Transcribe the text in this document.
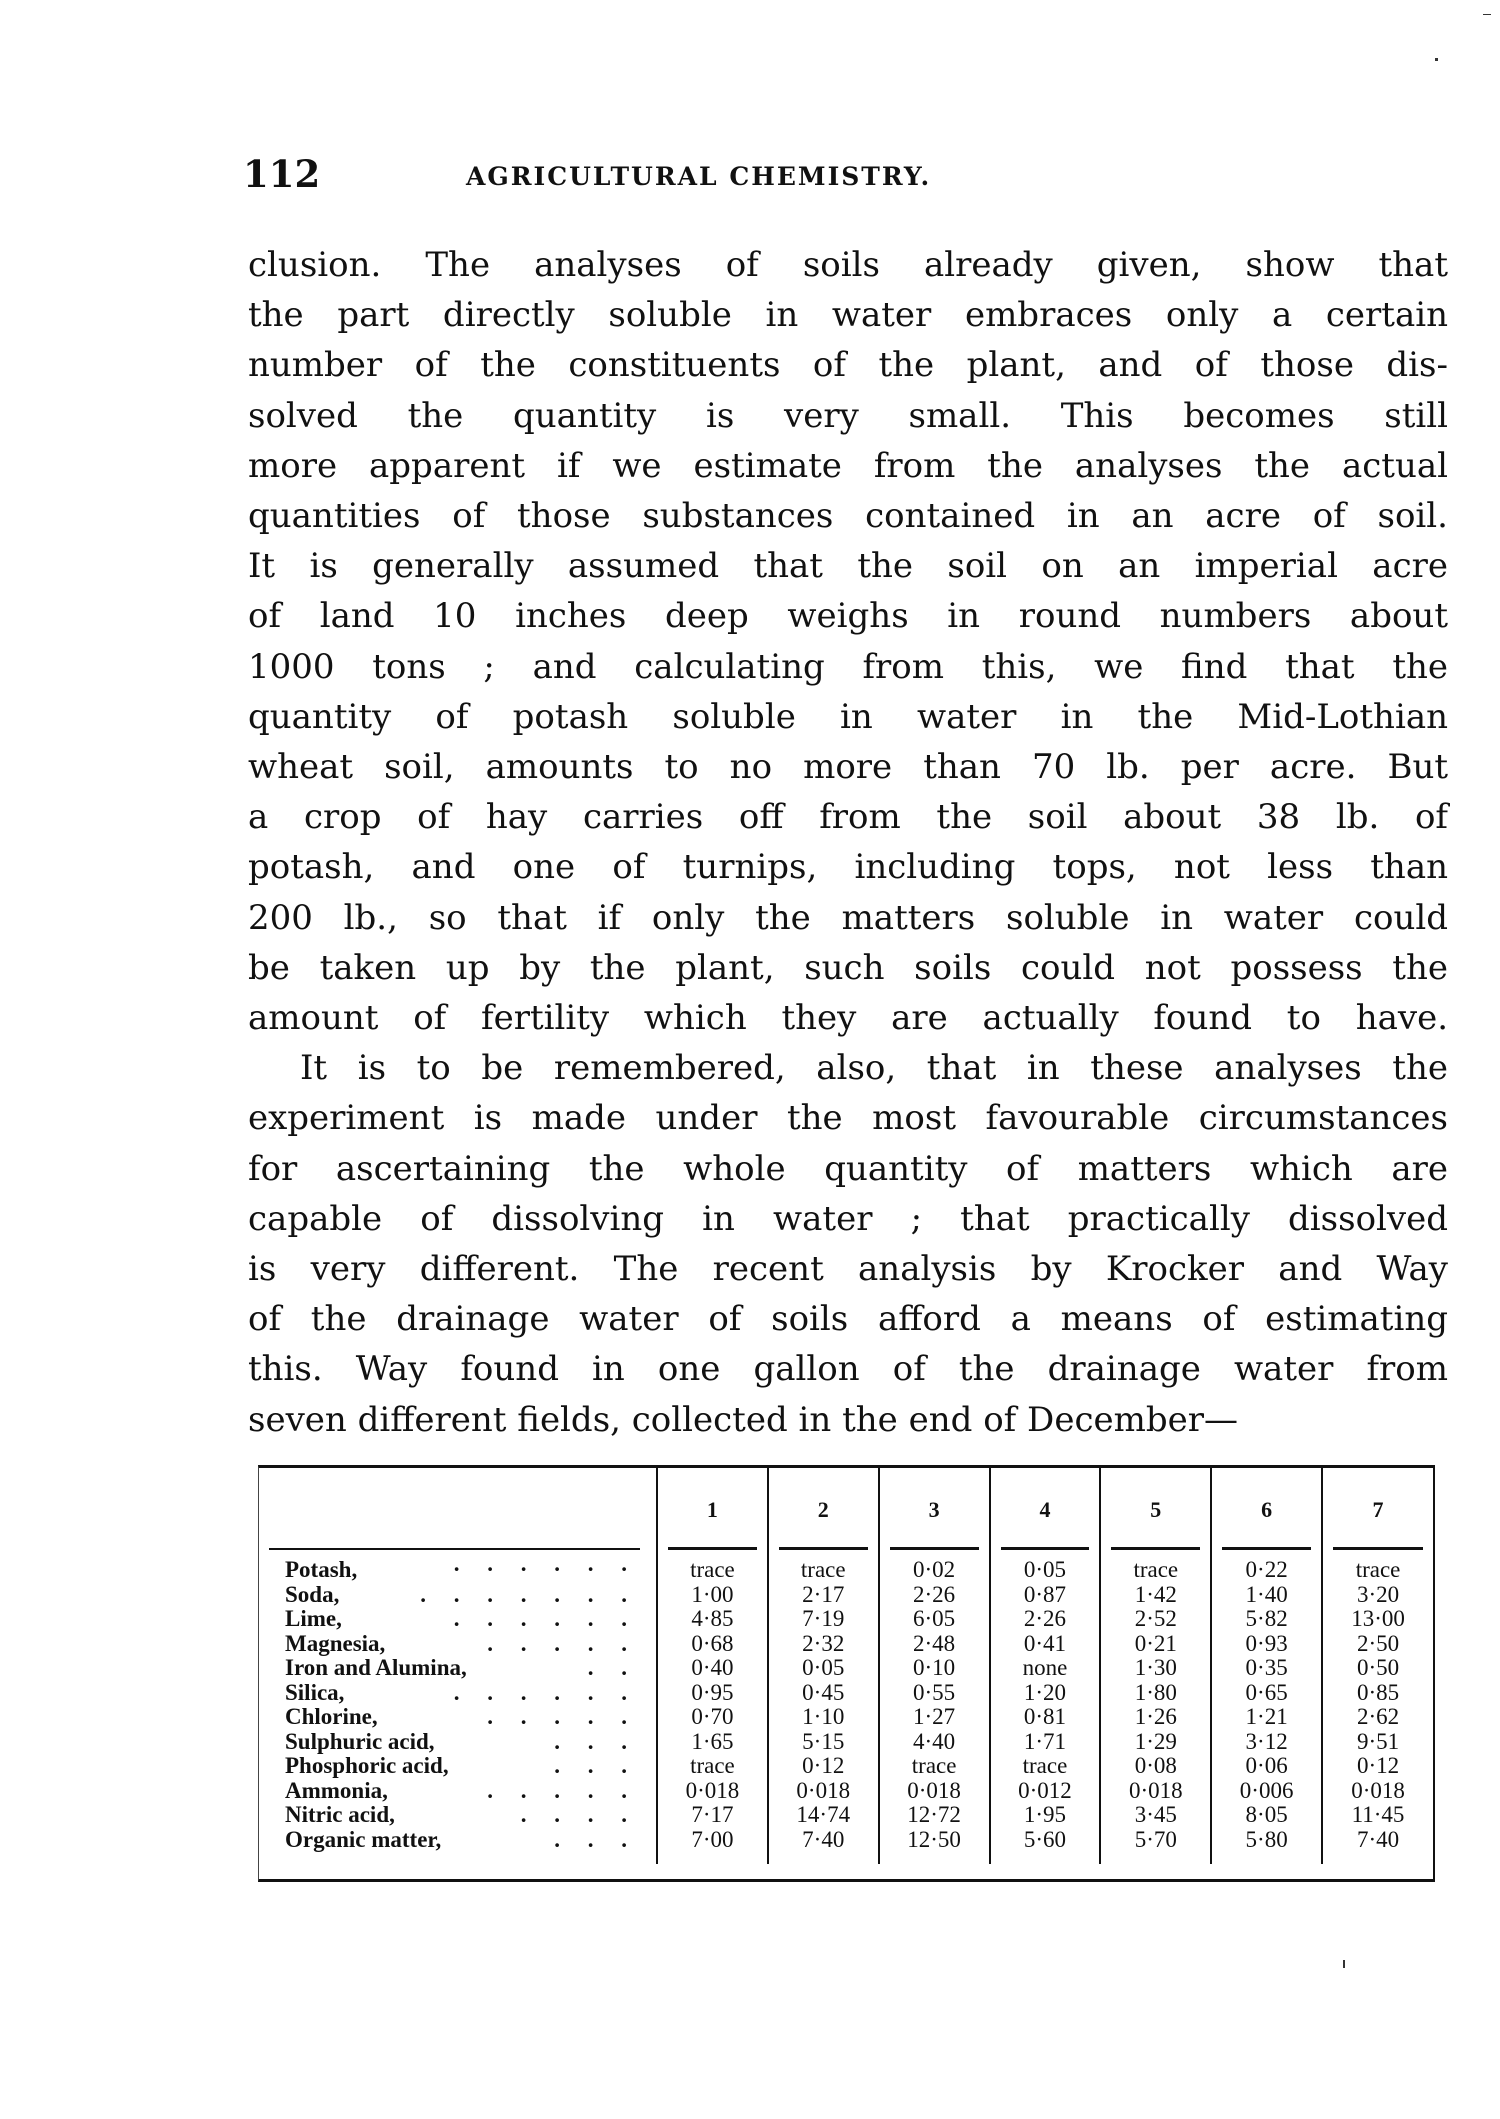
112	AGRICULTURAL CHEMISTRY.

clusion. The analyses of soils already given, show that

the part directly soluble in water embraces only a certain

number of the constituents of the plant, and of those dis-

solved the quantity is very small. This becomes still

more apparent if we estimate from the analyses the actual

quantities of those substances contained in an acre of soil.

It is generally assumed that the soil on an imperial acre

of land 10 inches deep weighs in round numbers about

1000 tons ; and calculating from this, we find that the

quantity of potash soluble in water in the Mid-Lothian

wheat soil, amounts to no more than 70 lb. per acre. But

a crop of hay carries off from the soil about 38 lb. of

potash, and one of turnips, including tops, not less than

200 lb., so that if only the matters soluble in water could

be taken up by the plant, such soils could not possess the

amount of fertility which they are actually found to have.

It is to be remembered, also, that in these analyses the

experiment is made under the most favourable circumstances

for ascertaining the whole quantity of matters which are

capable of dissolving in water ; that practically dissolved

is very different. The recent analysis by Krocker and Way

of the drainage water of soils afford a means of estimating

this. Way found in one gallon of the drainage water from

seven different fields, collected in the end of December—

	1	2	3	4	5	6	7
Potash, . . . . . .	trace	trace	0·02	0·05	trace	0·22	trace
Soda, . . . . . . .	1·00	2·17	2·26	0·87	1·42	1·40	3·20
Lime, . . . . . .	4·85	7·19	6·05	2·26	2·52	5·82	13·00
Magnesia, . . . . .	0·68	2·32	2·48	0·41	0·21	0·93	2·50
Iron and Alumina, . .	0·40	0·05	0·10	none	1·30	0·35	0·50
Silica, . . . . . .	0·95	0·45	0·55	1·20	1·80	0·65	0·85
Chlorine, . . . . .	0·70	1·10	1·27	0·81	1·26	1·21	2·62
Sulphuric acid, . . .	1·65	5·15	4·40	1·71	1·29	3·12	9·51
Phosphoric acid, . . .	trace	0·12	trace	trace	0·08	0·06	0·12
Ammonia, . . . . .	0·018	0·018	0·018	0·012	0·018	0·006	0·018
Nitric acid, . . . .	7·17	14·74	12·72	1·95	3·45	8·05	11·45
Organic matter, . . .	7·00	7·40	12·50	5·60	5·70	5·80	7·40
